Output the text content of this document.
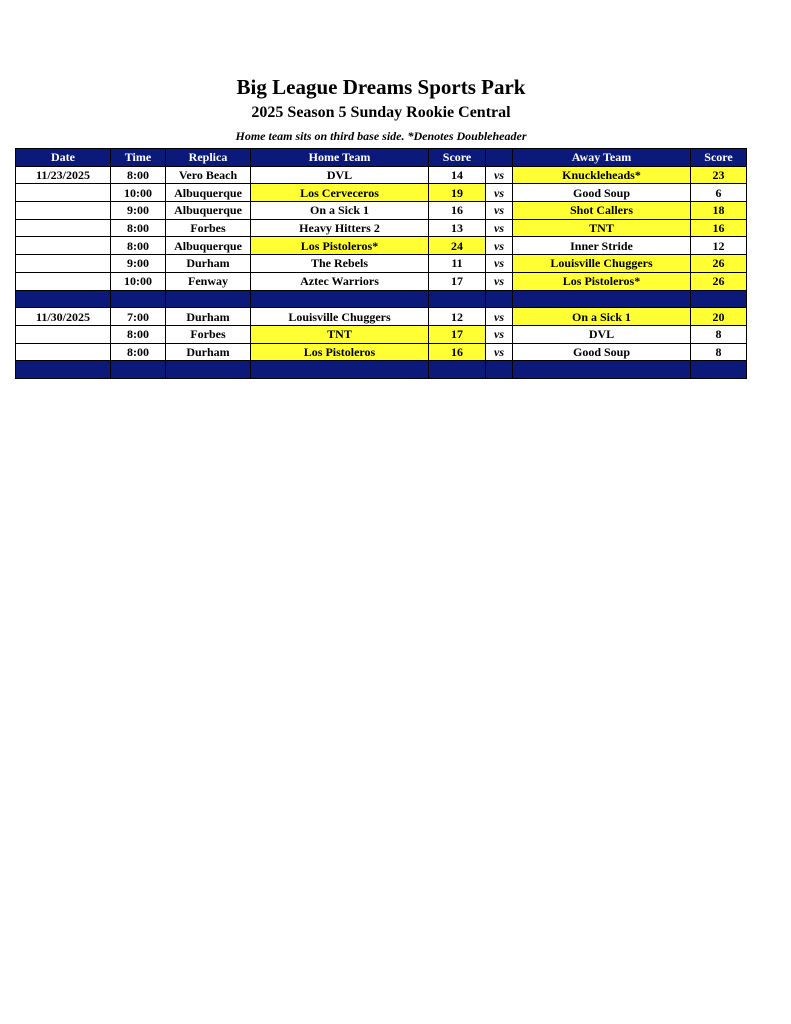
Big League Dreams Sports Park
2025 Season 5 Sunday Rookie Central
Home team sits on third base side. *Denotes Doubleheader
Date	Time	Replica	Home Team	Score		Away Team	Score
11/23/2025	8:00	Vero Beach	DVL	14	vs	Knuckleheads*	23
	10:00	Albuquerque	Los Cerveceros	19	vs	Good Soup	6
	9:00	Albuquerque	On a Sick 1	16	vs	Shot Callers	18
	8:00	Forbes	Heavy Hitters 2	13	vs	TNT	16
	8:00	Albuquerque	Los Pistoleros*	24	vs	Inner Stride	12
	9:00	Durham	The Rebels	11	vs	Louisville Chuggers	26
	10:00	Fenway	Aztec Warriors	17	vs	Los Pistoleros*	26

11/30/2025	7:00	Durham	Louisville Chuggers	12	vs	On a Sick 1	20
	8:00	Forbes	TNT	17	vs	DVL	8
	8:00	Durham	Los Pistoleros	16	vs	Good Soup	8
